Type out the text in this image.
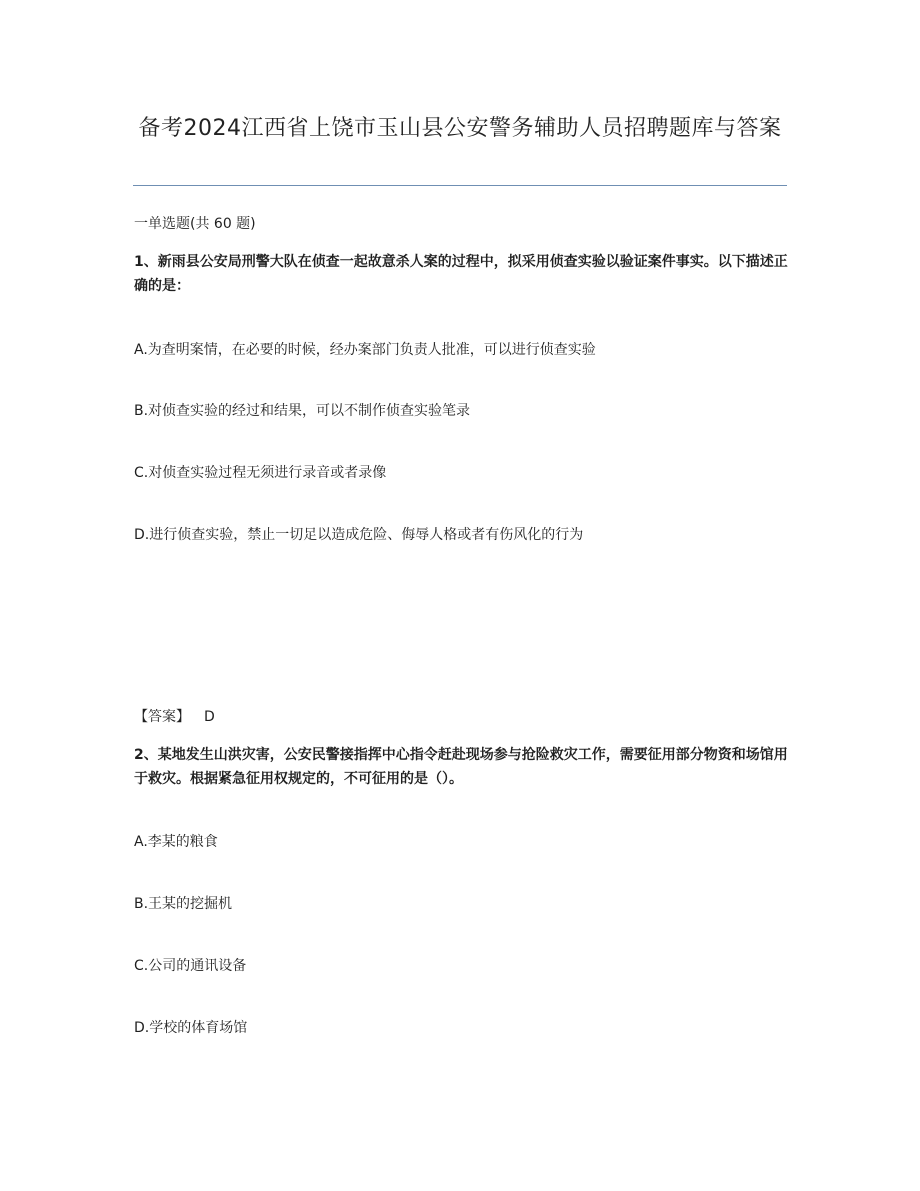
备考2024江西省上饶市玉山县公安警务辅助人员招聘题库与答案
一单选题(共 60 题)
1、新雨县公安局刑警大队在侦查一起故意杀人案的过程中，拟采用侦查实验以验证案件事实。以下描述正确的是：
A.为查明案情，在必要的时候，经办案部门负责人批准，可以进行侦查实验
B.对侦查实验的经过和结果，可以不制作侦查实验笔录
C.对侦查实验过程无须进行录音或者录像
D.进行侦查实验，禁止一切足以造成危险、侮辱人格或者有伤风化的行为
【答案】 D
2、某地发生山洪灾害，公安民警接指挥中心指令赶赴现场参与抢险救灾工作，需要征用部分物资和场馆用于救灾。根据紧急征用权规定的，不可征用的是（）。
A.李某的粮食
B.王某的挖掘机
C.公司的通讯设备
D.学校的体育场馆
